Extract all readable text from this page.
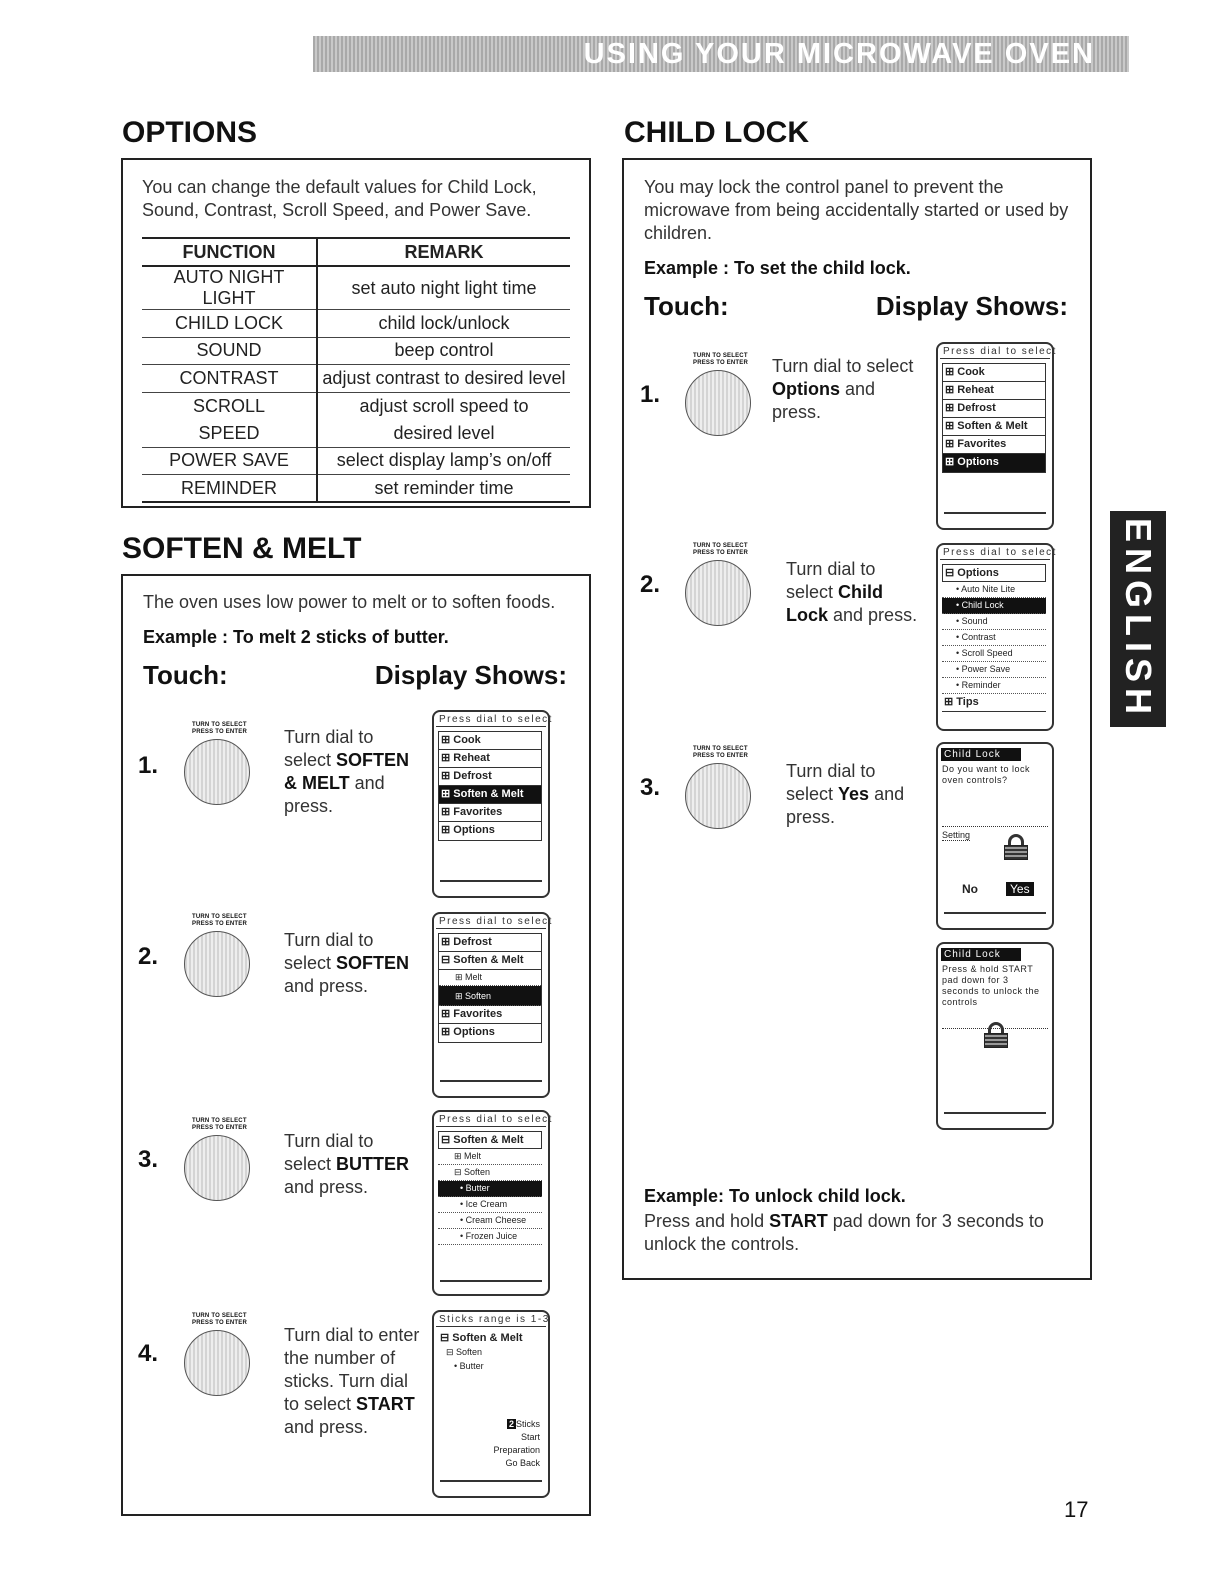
USING YOUR MICROWAVE OVEN
ENGLISH
OPTIONS
You can change the default values for Child Lock, Sound, Contrast, Scroll Speed, and Power Save.
FUNCTION	REMARK
AUTO NIGHT LIGHT	set auto night light time
CHILD LOCK	child lock/unlock
SOUND	beep control
CONTRAST	adjust contrast to desired level
SCROLL	adjust scroll speed to
SPEED	desired level
POWER SAVE	select display lamp’s on/off
REMINDER	set reminder time
SOFTEN & MELT
The oven uses low power to melt or to soften foods.
Example : To melt 2 sticks of butter.
Touch:	Display Shows:
1.
TURN TO SELECT
PRESS TO ENTER Turn dial to
select SOFTEN
& MELT and
press.
Press dial to select
⊞ Cook
⊞ Reheat
⊞ Defrost
⊞ Soften & Melt
⊞ Favorites
⊞ Options
2.
TURN TO SELECT
PRESS TO ENTER
Turn dial to
select SOFTEN
and press.
Press dial to select
⊞ Defrost
⊟ Soften & Melt
⊞ Melt
⊞ Soften
⊞ Favorites
⊞ Options
3.
TURN TO SELECT
PRESS TO ENTER
Turn dial to
select BUTTER
and press.
Press dial to select
⊟ Soften & Melt
⊞ Melt
⊟ Soften
• Butter
• Ice Cream
• Cream Cheese
• Frozen Juice
4.
TURN TO SELECT
PRESS TO ENTER
Turn dial to enter
the number of
sticks. Turn dial
to select START
and press.
Sticks range is 1-3
⊟ Soften & Melt
⊟ Soften
• Butter
2 Sticks
Start
Preparation
Go Back
CHILD LOCK
You may lock the control panel to prevent the microwave from being accidentally started or used by children.
Example : To set the child lock.
Touch:	Display Shows:
Example: To unlock child lock.
Press and hold START pad down for 3 seconds to unlock the controls.
1.
TURN TO SELECT
PRESS TO ENTER Turn dial to select
Options and
press.
Press dial to select
⊞ Cook
⊞ Reheat
⊞ Defrost
⊞ Soften & Melt
⊞ Favorites
⊞ Options
2.
TURN TO SELECT
PRESS TO ENTER
Turn dial to
select Child
Lock and press.
Press dial to select
⊟ Options
• Auto Nite Lite
• Child Lock
• Sound
• Contrast
• Scroll Speed
• Power Save
• Reminder
⊞ Tips
3.
TURN TO SELECT
PRESS TO ENTER
Turn dial to
select Yes and
press.
Child Lock
Do you want to lock oven controls?
Setting
No	Yes
Child Lock
Press & hold START pad down for 3 seconds to unlock the controls
17
